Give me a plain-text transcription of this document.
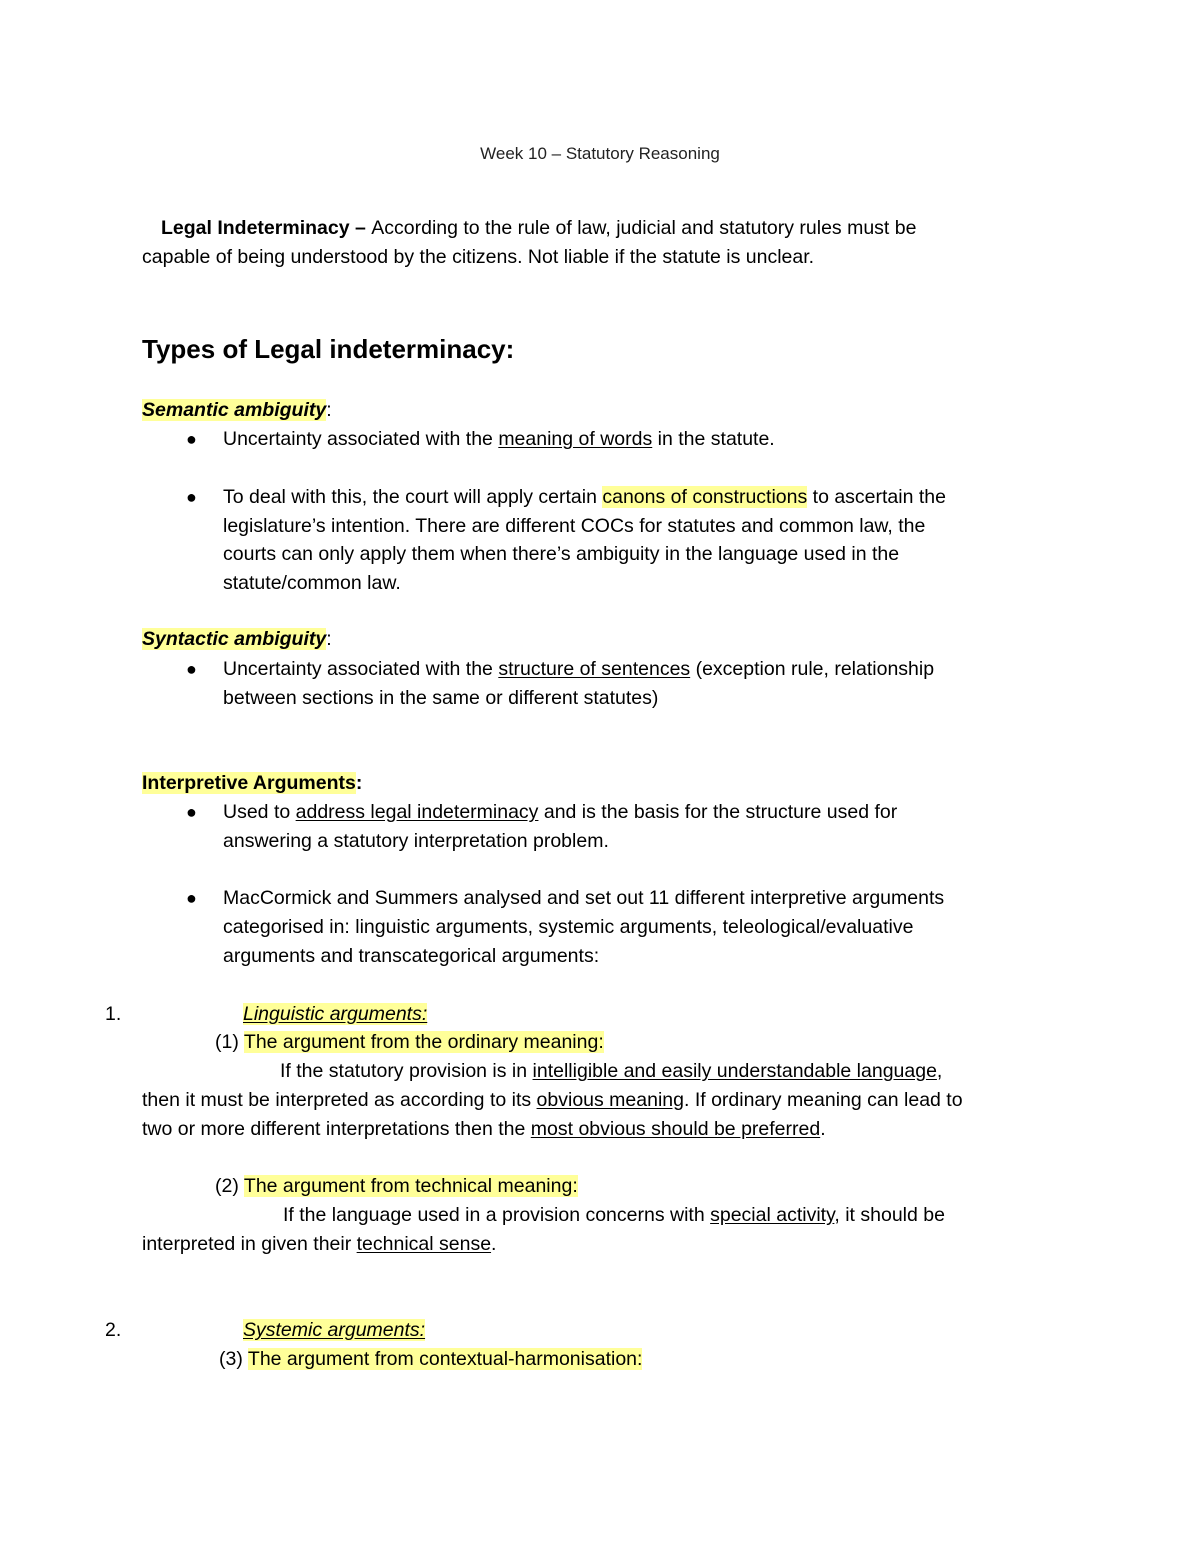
Week 10 – Statutory Reasoning
Legal Indeterminacy – According to the rule of law, judicial and statutory rules must be
capable of being understood by the citizens. Not liable if the statute is unclear.
Types of Legal indeterminacy:
Semantic ambiguity:
● Uncertainty associated with the meaning of words in the statute.
● To deal with this, the court will apply certain canons of constructions to ascertain the
legislature’s intention. There are different COCs for statutes and common law, the
courts can only apply them when there’s ambiguity in the language used in the
statute/common law.
Syntactic ambiguity:
● Uncertainty associated with the structure of sentences (exception rule, relationship
between sections in the same or different statutes)
Interpretive Arguments:
● Used to address legal indeterminacy and is the basis for the structure used for
answering a statutory interpretation problem.
● MacCormick and Summers analysed and set out 11 different interpretive arguments
categorised in: linguistic arguments, systemic arguments, teleological/evaluative
arguments and transcategorical arguments:
1.	Linguistic arguments:
(1) The argument from the ordinary meaning:
If the statutory provision is in intelligible and easily understandable language,
then it must be interpreted as according to its obvious meaning. If ordinary meaning can lead to
two or more different interpretations then the most obvious should be preferred.
(2) The argument from technical meaning:
If the language used in a provision concerns with special activity, it should be
interpreted in given their technical sense.
2.	Systemic arguments:
(3) The argument from contextual-harmonisation:
